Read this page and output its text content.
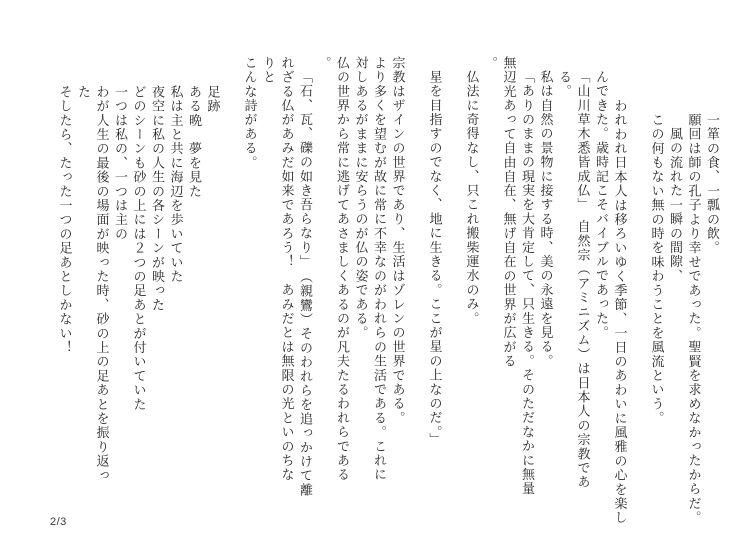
一箪の食、一瓢の飲。
願回は師の孔子より幸せであった。聖賢を求めなかったからだ。
風の流れた一瞬の間隙、
この何もない無の時を味わうことを風流という。
われわれ日本人は移ろいゆく季節、一日のあわいに風雅の心を楽し
んできた。歳時記こそバイブルであった。
「山川草木悉皆成仏」　自然宗（アミニズム）は日本人の宗教であ
る。
私は自然の景物に接する時、美の永遠を見る。
「ありのままの現実を大肯定して、只生きる。そのただなかに無量
無辺光あって自由自在、無げ自在の世界が広がる
。
仏法に奇得なし、只これ搬柴運水のみ。
星を目指すのでなく、地に生きる。ここが星の上なのだ。」
宗教はザインの世界であり、生活はゾレンの世界である。
より多くを望むが故に常に不幸なのがわれらの生活である。これに
対しあるがままに安らうのが仏の姿である。
仏の世界から常に逃げてあさましくあるのが凡夫たるわれらである
。
「石、瓦、礫の如き吾らなり」　（親鸞）そのわれらを追っかけて離
れざる仏があみだ如来であろう！　あみだとは無限の光といのちな
りと
こんな詩がある。
足跡
ある晩　夢を見た
私は主と共に海辺を歩いていた
夜空に私の人生の各シーンが映った
どのシーンも砂の上には２つの足あとが付いていた
一つは私の、一つは主の
わが人生の最後の場面が映った時、砂の上の足あとを振り返っ
た
そしたら、たった一つの足あとしかない！
2/3
